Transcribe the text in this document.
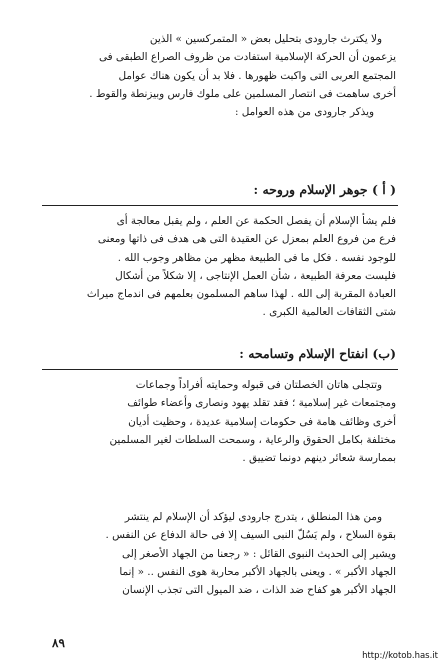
ولا يكترث جارودى بتحليل بعض « المتمركسين » الذين

يزعمون أن الحركة الإسلامية استفادت من ظروف الصراع الطبقى فى

المجتمع العربى التى واكبت ظهورها . فلا بد أن يكون هناك عوامل

أخرى ساهمت فى انتصار المسلمين على ملوك فارس وبيزنطة والقوط .

ويذكر جارودى من هذه العوامل :

( أ ) جوهر الإسلام وروحه :

فلم يشأ الإسلام أن يفصل الحكمة عن العلم ، ولم يقبل معالجة أى

فرع من فروع العلم بمعزل عن العقيدة التى هى هدف فى ذاتها ومعنى

للوجود نفسه . فكل ما فى الطبيعة مظهر من مظاهر وجوب الله .

فليست معرفة الطبيعة ، شأن العمل الإنتاجى ، إلا شكلاً من أشكال

العبادة المقربة إلى الله . لهذا ساهم المسلمون بعلمهم فى اندماج ميراث

شتى الثقافات العالمية الكبرى .

(ب) انفتاح الإسلام وتسامحه :

وتتجلى هاتان الخصلتان فى قبوله وحمايته أفراداً وجماعات

ومجتمعات غير إسلامية ؛ فقد تقلد يهود ونصارى وأعضاء طوائف

أخرى وظائف هامة فى حكومات إسلامية عديدة ، وحظيت أديان

مختلفة بكامل الحقوق والرعاية ، وسمحت السلطات لغير المسلمين

بممارسة شعائر دينهم دونما تضييق .

ومن هذا المنطلق ، يتدرج جارودى ليؤكد أن الإسلام لم ينتشر

بقوة السلاح ، ولم يَسُلّ النبى السيف إلا فى حالة الدفاع عن النفس .

ويشير إلى الحديث النبوى القائل : « رجعنا من الجهاد الأصغر إلى

الجهاد الأكبر » . ويعنى بالجهاد الأكبر محاربة هوى النفس .. « إنما

الجهاد الأكبر هو كفاح ضد الذات ، ضد الميول التى تجذب الإنسان

٨٩
http://kotob.has.it
